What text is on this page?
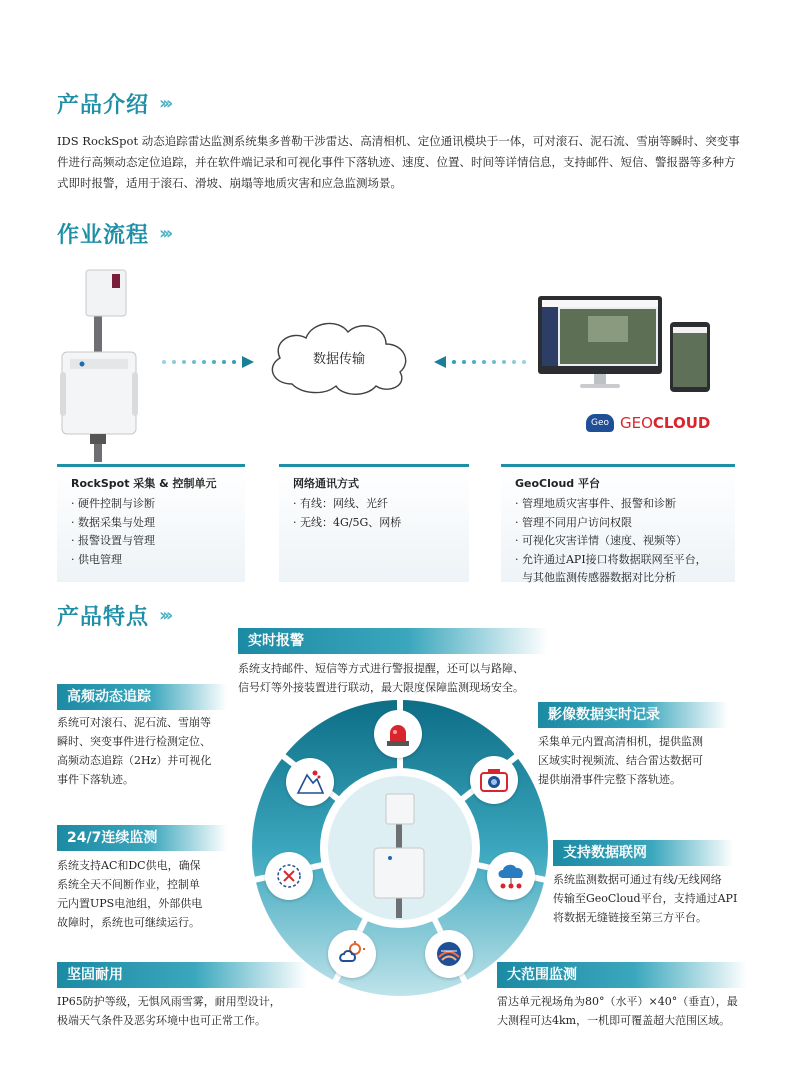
产品介绍 ›››

IDS RockSpot 动态追踪雷达监测系统集多普勒干涉雷达、高清相机、定位通讯模块于一体，可对滚石、泥石流、雪崩等瞬时、突变事件进行高频动态定位追踪，并在软件端记录和可视化事件下落轨迹、速度、位置、时间等详情信息，支持邮件、短信、警报器等多种方式即时报警，适用于滚石、滑坡、崩塌等地质灾害和应急监测场景。

作业流程 ›››
数据传输
Geo GEO CLOUD
RockSpot 采集 & 控制单元
· 硬件控制与诊断
· 数据采集与处理
· 报警设置与管理
· 供电管理
网络通讯方式
· 有线：网线、光纤
· 无线：4G/5G、网桥
GeoCloud 平台
· 管理地质灾害事件、报警和诊断
· 管理不同用户访问权限
· 可视化灾害详情（速度、视频等）
· 允许通过API接口将数据联网至平台，
与其他监测传感器数据对比分析
产品特点 ›››
实时报警
系统支持邮件、短信等方式进行警报提醒，还可以与路障、
信号灯等外接装置进行联动，最大限度保障监测现场安全。
高频动态追踪
系统可对滚石、泥石流、雪崩等
瞬时、突变事件进行检测定位、
高频动态追踪（2Hz）并可视化
事件下落轨迹。
影像数据实时记录
采集单元内置高清相机，提供监测
区域实时视频流、结合雷达数据可
提供崩滑事件完整下落轨迹。
24/7连续监测
系统支持AC和DC供电，确保
系统全天不间断作业，控制单
元内置UPS电池组，外部供电
故障时，系统也可继续运行。
支持数据联网
系统监测数据可通过有线/无线网络
传输至GeoCloud平台，支持通过API
将数据无缝链接至第三方平台。
坚固耐用
IP65防护等级，无惧风雨雪雾，耐用型设计，
极端天气条件及恶劣环境中也可正常工作。
大范围监测
雷达单元视场角为80°（水平）×40°（垂直），最
大测程可达4km，一机即可覆盖超大范围区域。
